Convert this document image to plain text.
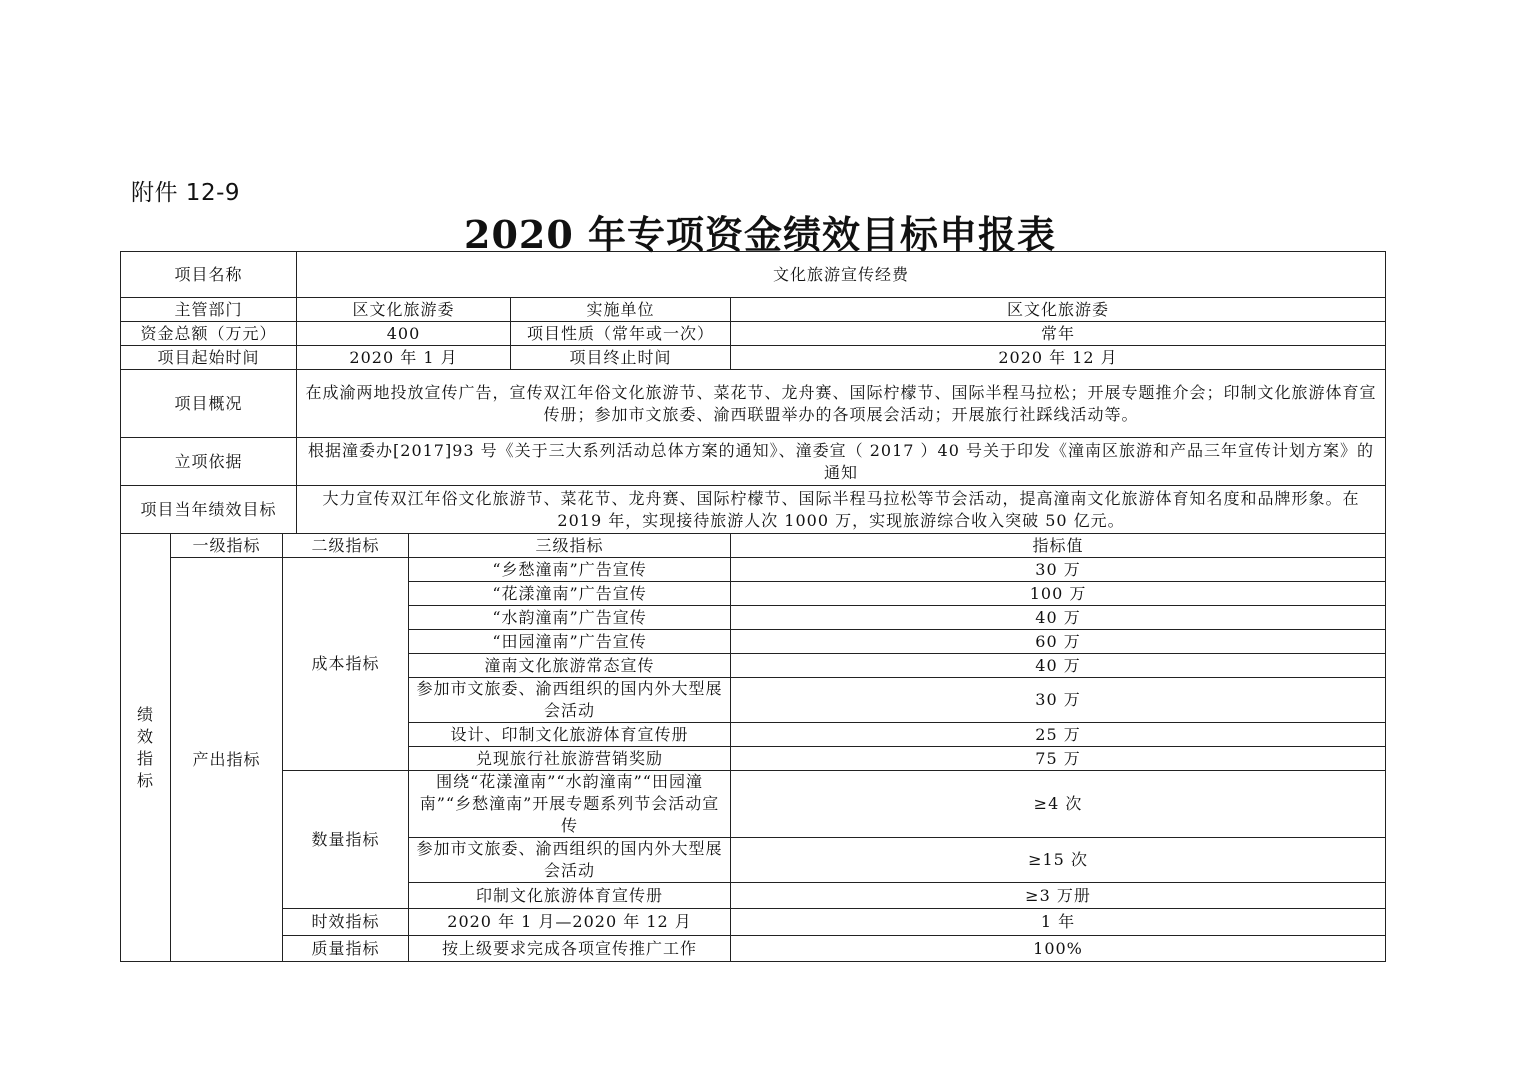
附件 12-9
2020 年专项资金绩效目标申报表
项目名称			文化旅游宣传经费			
主管部门			区文化旅游委		实施单位	区文化旅游委
资金总额（万元）			400		项目性质（常年或一次）	常年
项目起始时间			2020 年 1 月		项目终止时间	2020 年 12 月
项目概况			在成渝两地投放宣传广告，宣传双江年俗文化旅游节、菜花节、龙舟赛、国际柠檬节、国际半程马拉松；开展专题推介会；印制文化旅游体育宣传册；参加市文旅委、渝西联盟举办的各项展会活动；开展旅行社踩线活动等。			
立项依据			根据潼委办[2017]93 号《关于三大系列活动总体方案的通知》、潼委宣（ 2017 ）40 号关于印发《潼南区旅游和产品三年宣传计划方案》的通知			
项目当年绩效目标			大力宣传双江年俗文化旅游节、菜花节、龙舟赛、国际柠檬节、国际半程马拉松等节会活动，提高潼南文化旅游体育知名度和品牌形象。在 2019 年，实现接待旅游人次 1000 万，实现旅游综合收入突破 50 亿元。			

绩
效
指
标	一级指标	二级指标		三级指标		指标值
	产出指标	成本指标		“乡愁潼南”广告宣传		30 万
				“花漾潼南”广告宣传		100 万
				“水韵潼南”广告宣传		40 万
				“田园潼南”广告宣传		60 万
				潼南文化旅游常态宣传		40 万
				参加市文旅委、渝西组织的国内外大型展会活动		30 万
				设计、印制文化旅游体育宣传册		25 万
				兑现旅行社旅游营销奖励		75 万
		数量指标		围绕“花漾潼南”“水韵潼南”“田园潼南”“乡愁潼南”开展专题系列节会活动宣传		≥4 次
				参加市文旅委、渝西组织的国内外大型展会活动		≥15 次
				印制文化旅游体育宣传册		≥3 万册
		时效指标		2020 年 1 月—2020 年 12 月		1 年
		质量指标		按上级要求完成各项宣传推广工作		100%
